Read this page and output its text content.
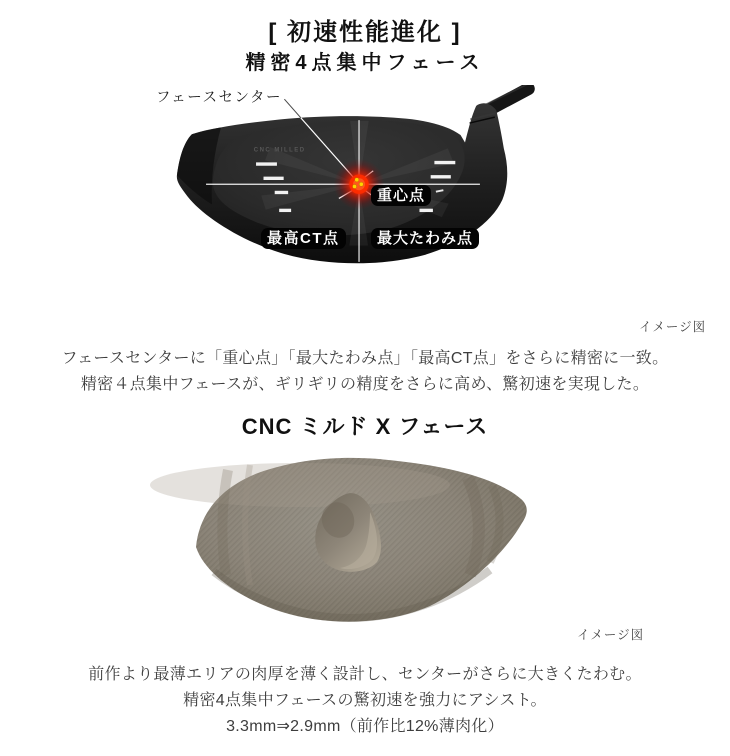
[ 初速性能進化 ]
精密4点集中フェース
CNC MILLED
フェースセンター
重心点
最高CT点	最大たわみ点
イメージ図

フェースセンターに「重心点」「最大たわみ点」「最高CT点」をさらに精密に一致。
精密４点集中フェースが、ギリギリの精度をさらに高め、驚初速を実現した。

CNC ミルド X フェース
イメージ図

前作より最薄エリアの肉厚を薄く設計し、センターがさらに大きくたわむ。
精密4点集中フェースの驚初速を強力にアシスト。
3.3mm⇒2.9mm（前作比12%薄肉化）
